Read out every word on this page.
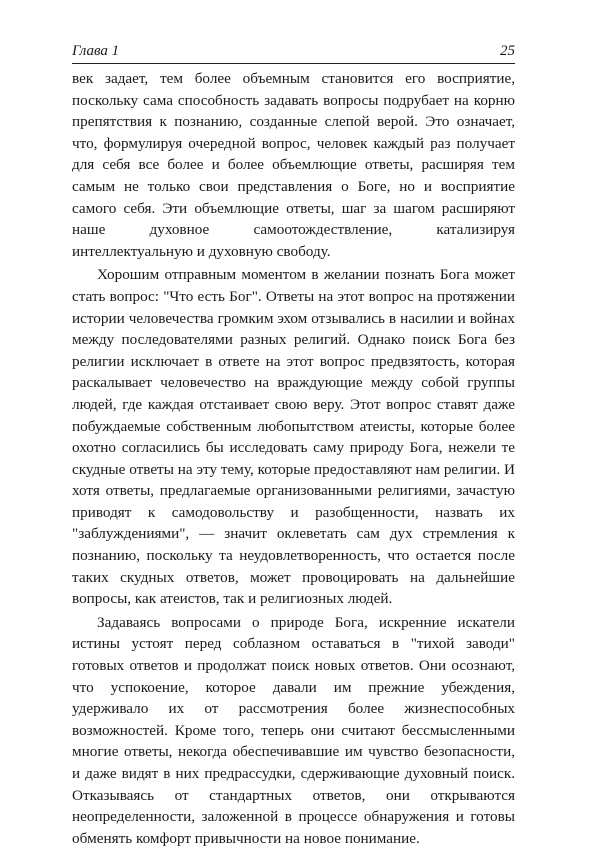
Глава 1	25

век задает, тем более объемным становится его восприятие, поскольку сама способность задавать вопросы подрубает на корню препятствия к познанию, созданные слепой верой. Это означает, что, формулируя очередной вопрос, человек каждый раз получает для себя все более и более объемлющие ответы, расширяя тем самым не только свои представления о Боге, но и восприятие самого себя. Эти объемлющие ответы, шаг за шагом расширяют наше духовное самоотождествление, катализируя интеллектуальную и духовную свободу.

Хорошим отправным моментом в желании познать Бога может стать вопрос: "Что есть Бог". Ответы на этот вопрос на протяжении истории человечества громким эхом отзывались в насилии и войнах между последователями разных религий. Однако поиск Бога без религии исключает в ответе на этот вопрос предвзятость, которая раскалывает человечество на враждующие между собой группы людей, где каждая отстаивает свою веру. Этот вопрос ставят даже побуждаемые собственным любопытством атеисты, которые более охотно согласились бы исследовать саму природу Бога, нежели те скудные ответы на эту тему, которые предоставляют нам религии. И хотя ответы, предлагаемые организованными религиями, зачастую приводят к самодовольству и разобщенности, назвать их "заблуждениями", — значит оклеветать сам дух стремления к познанию, поскольку та неудовлетворенность, что остается после таких скудных ответов, может провоцировать на дальнейшие вопросы, как атеистов, так и религиозных людей.

Задаваясь вопросами о природе Бога, искренние искатели истины устоят перед соблазном оставаться в "тихой заводи" готовых ответов и продолжат поиск новых ответов. Они осознают, что успокоение, которое давали им прежние убеждения, удерживало их от рассмотрения более жизнеспособных возможностей. Кроме того, теперь они считают бессмысленными многие ответы, некогда обеспечивавшие им чувство безопасности, и даже видят в них предрассудки, сдерживающие духовный поиск. Отказываясь от стандартных ответов, они открываются неопределенности, заложенной в процессе обнаружения и готовы обменять комфорт привычности на новое понимание.
